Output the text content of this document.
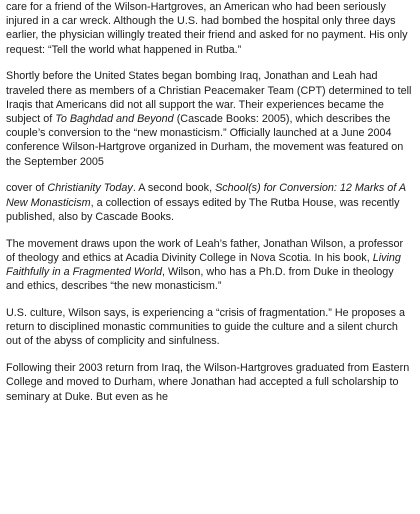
care for a friend of the Wilson-Hartgroves, an American who had been seriously injured in a car wreck. Although the U.S. had bombed the hospital only three days earlier, the physician willingly treated their friend and asked for no payment. His only request: “Tell the world what happened in Rutba.”

Shortly before the United States began bombing Iraq, Jonathan and Leah had traveled there as members of a Christian Peacemaker Team (CPT) determined to tell Iraqis that Americans did not all support the war. Their experiences became the subject of To Baghdad and Beyond (Cascade Books: 2005), which describes the couple’s conversion to the “new monasticism.” Officially launched at a June 2004 conference Wilson-Hartgrove organized in Durham, the movement was featured on the September 2005

cover of Christianity Today. A second book, School(s) for Conversion: 12 Marks of A New Monasticism, a collection of essays edited by The Rutba House, was recently published, also by Cascade Books.

The movement draws upon the work of Leah’s father, Jonathan Wilson, a professor of theology and ethics at Acadia Divinity College in Nova Scotia. In his book, Living Faithfully in a Fragmented World, Wilson, who has a Ph.D. from Duke in theology and ethics, describes “the new monasticism.”

U.S. culture, Wilson says, is experiencing a “crisis of fragmentation.” He proposes a return to disciplined monastic communities to guide the culture and a silent church out of the abyss of complicity and sinfulness.

Following their 2003 return from Iraq, the Wilson-Hartgroves graduated from Eastern College and moved to Durham, where Jonathan had accepted a full scholarship to seminary at Duke. But even as he
